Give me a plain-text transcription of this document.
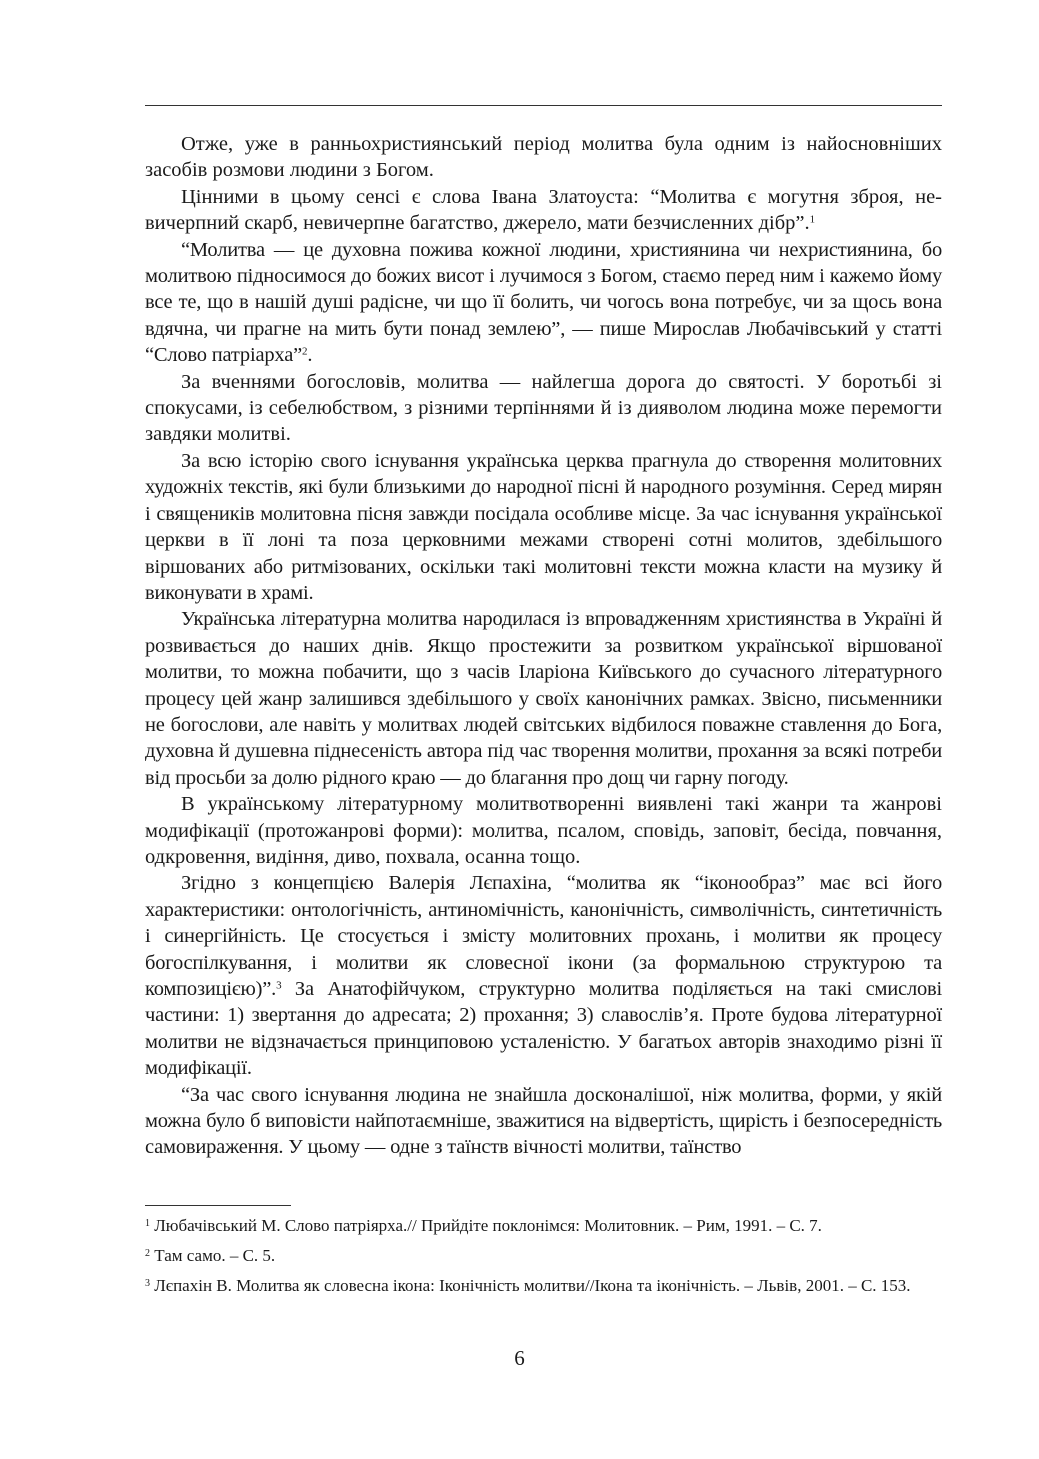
Отже, уже в ранньохристиянський період молитва була одним із найосновніших засобів розмови людини з Богом.

Цінними в цьому сенсі є слова Івана Златоуста: “Молитва є могутня зброя, невичерпний скарб, невичерпне багатство, джерело, мати безчисленних дібр”.$^1$

“Молитва — це духовна пожива кожної людини, християнина чи нехристиянина, бо молитвою підносимося до божих висот і лучимося з Богом, стаємо перед ним і кажемо йому все те, що в нашій душі радісне, чи що її болить, чи чогось вона потребує, чи за щось вона вдячна, чи прагне на мить бути понад землею”, — пише Мирослав Любачівський у статті “Слово патріарха”$^2$.

За вченнями богословів, молитва — найлегша дорога до святості. У боротьбі зі спокусами, із себелюбством, з різними терпіннями й із дияволом людина може перемогти завдяки молитві.

За всю історію свого існування українська церква прагнула до створення молитовних художніх текстів, які були близькими до народної пісні й народного розуміння. Серед мирян і священиків молитовна пісня завжди посідала особливе місце. За час існування української церкви в її лоні та поза церковними межами створені сотні молитов, здебільшого віршованих або ритмізованих, оскільки такі молитовні тексти можна класти на музику й виконувати в храмі.

Українська літературна молитва народилася із впровадженням християнства в Україні й розвивається до наших днів. Якщо простежити за розвитком української віршованої молитви, то можна побачити, що з часів Іларіона Київського до сучасного літературного процесу цей жанр залишився здебільшого у своїх канонічних рамках. Звісно, письменники не богослови, але навіть у молитвах людей світських відбилося поважне ставлення до Бога, духовна й душевна піднесеність автора під час творення молитви, прохання за всякі потреби від просьби за долю рідного краю — до благання про дощ чи гарну погоду.

В українському літературному молитвотворенні виявлені такі жанри та жанрові модифікації (протожанрові форми): молитва, псалом, сповідь, заповіт, бесіда, повчання, одкровення, видіння, диво, похвала, осанна тощо.

Згідно з концепцією Валерія Лєпахіна, “молитва як “іконообраз” має всі його характеристики: онтологічність, антиномічність, канонічність, символічність, синтетичність і синергійність. Це стосується і змісту молитовних прохань, і молитви як процесу богоспілкування, і молитви як словесної ікони (за формальною структурою та композицією)”.$^3$ За Анатофійчуком, структурно молитва поділяється на такі смислові частини: 1) звертання до адресата; 2) прохання; 3) славослів’я. Проте будова літературної молитви не відзначається принциповою усталеністю. У багатьох авторів знаходимо різні її модифікації.

“За час свого існування людина не знайшла досконалішої, ніж молитва, форми, у якій можна було б виповісти найпотаємніше, зважитися на відвертість, щирість і безпосередність самовираження. У цьому — одне з таїнств вічності молитви, таїнство

$^1$ Любачівський М. Слово патріярха.// Прийдіте поклонімся: Молитовник. – Рим, 1991. – С. 7.

$^2$ Там само. – С. 5.

$^3$ Лєпахін В. Молитва як словесна ікона: Іконічність молитви//Ікона та іконічність. – Львів, 2001. – С. 153.

6
